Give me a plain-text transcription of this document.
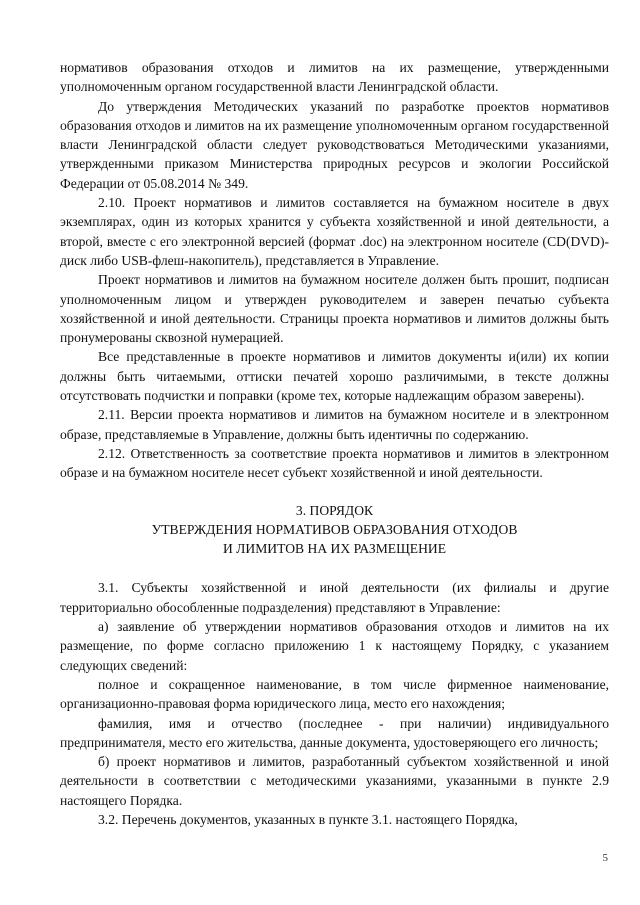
нормативов образования отходов и лимитов на их размещение, утвержденными уполномоченным органом государственной власти Ленинградской области.

До утверждения Методических указаний по разработке проектов нормативов образования отходов и лимитов на их размещение уполномоченным органом государственной власти Ленинградской области следует руководствоваться Методическими указаниями, утвержденными приказом Министерства природных ресурсов и экологии Российской Федерации от 05.08.2014 № 349.

2.10. Проект нормативов и лимитов составляется на бумажном носителе в двух экземплярах, один из которых хранится у субъекта хозяйственной и иной деятельности, а второй, вместе с его электронной версией (формат .doc) на электронном носителе (CD(DVD)-диск либо USB-флеш-накопитель), представляется в Управление.

Проект нормативов и лимитов на бумажном носителе должен быть прошит, подписан уполномоченным лицом и утвержден руководителем и заверен печатью субъекта хозяйственной и иной деятельности. Страницы проекта нормативов и лимитов должны быть пронумерованы сквозной нумерацией.

Все представленные в проекте нормативов и лимитов документы и(или) их копии должны быть читаемыми, оттиски печатей хорошо различимыми, в тексте должны отсутствовать подчистки и поправки (кроме тех, которые надлежащим образом заверены).

2.11. Версии проекта нормативов и лимитов на бумажном носителе и в электронном образе, представляемые в Управление, должны быть идентичны по содержанию.

2.12. Ответственность за соответствие проекта нормативов и лимитов в электронном образе и на бумажном носителе несет субъект хозяйственной и иной деятельности.

3. ПОРЯДОК

УТВЕРЖДЕНИЯ НОРМАТИВОВ ОБРАЗОВАНИЯ ОТХОДОВ

И ЛИМИТОВ НА ИХ РАЗМЕЩЕНИЕ

3.1. Субъекты хозяйственной и иной деятельности (их филиалы и другие территориально обособленные подразделения) представляют в Управление:

а) заявление об утверждении нормативов образования отходов и лимитов на их размещение, по форме согласно приложению 1 к настоящему Порядку, с указанием следующих сведений:

полное и сокращенное наименование, в том числе фирменное наименование, организационно-правовая форма юридического лица, место его нахождения;

фамилия, имя и отчество (последнее - при наличии) индивидуального предпринимателя, место его жительства, данные документа, удостоверяющего его личность;

б) проект нормативов и лимитов, разработанный субъектом хозяйственной и иной деятельности в соответствии с методическими указаниями, указанными в пункте 2.9 настоящего Порядка.

3.2. Перечень документов, указанных в пункте 3.1. настоящего Порядка,

5
